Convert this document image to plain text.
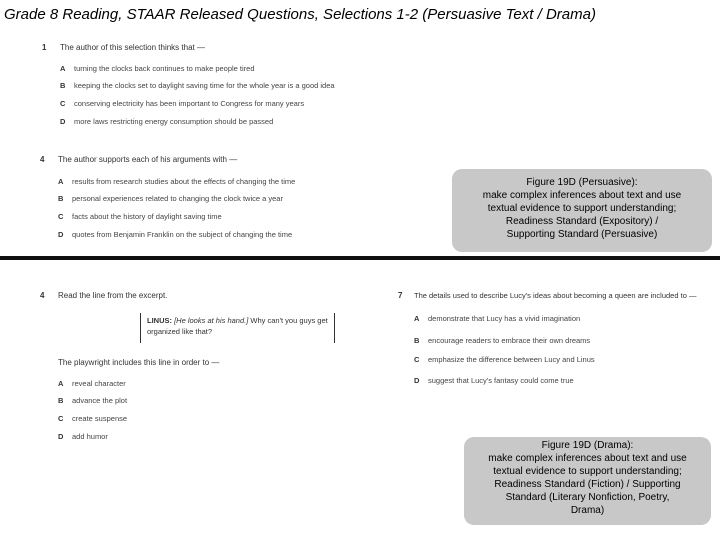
Grade 8 Reading, STAAR Released Questions, Selections 1-2 (Persuasive Text / Drama)
1 The author of this selection thinks that —
A turning the clocks back continues to make people tired
B keeping the clocks set to daylight saving time for the whole year is a good idea
C conserving electricity has been important to Congress for many years
D more laws restricting energy consumption should be passed
4 The author supports each of his arguments with —
A results from research studies about the effects of changing the time
B personal experiences related to changing the clock twice a year
C facts about the history of daylight saving time
D quotes from Benjamin Franklin on the subject of changing the time
Figure 19D (Persuasive):
make complex inferences about text and use
textual evidence to support understanding;
Readiness Standard (Expository) /
Supporting Standard (Persuasive)
4 Read the line from the excerpt.
LINUS: [He looks at his hand.] Why can't you guys get organized like that?
The playwright includes this line in order to —
A reveal character
B advance the plot
C create suspense
D add humor
7 The details used to describe Lucy's ideas about becoming a queen are included to —
A demonstrate that Lucy has a vivid imagination
B encourage readers to embrace their own dreams
C emphasize the difference between Lucy and Linus
D suggest that Lucy's fantasy could come true
Figure 19D (Drama):
make complex inferences about text and use
textual evidence to support understanding;
Readiness Standard (Fiction) / Supporting
Standard (Literary Nonfiction, Poetry,
Drama)
